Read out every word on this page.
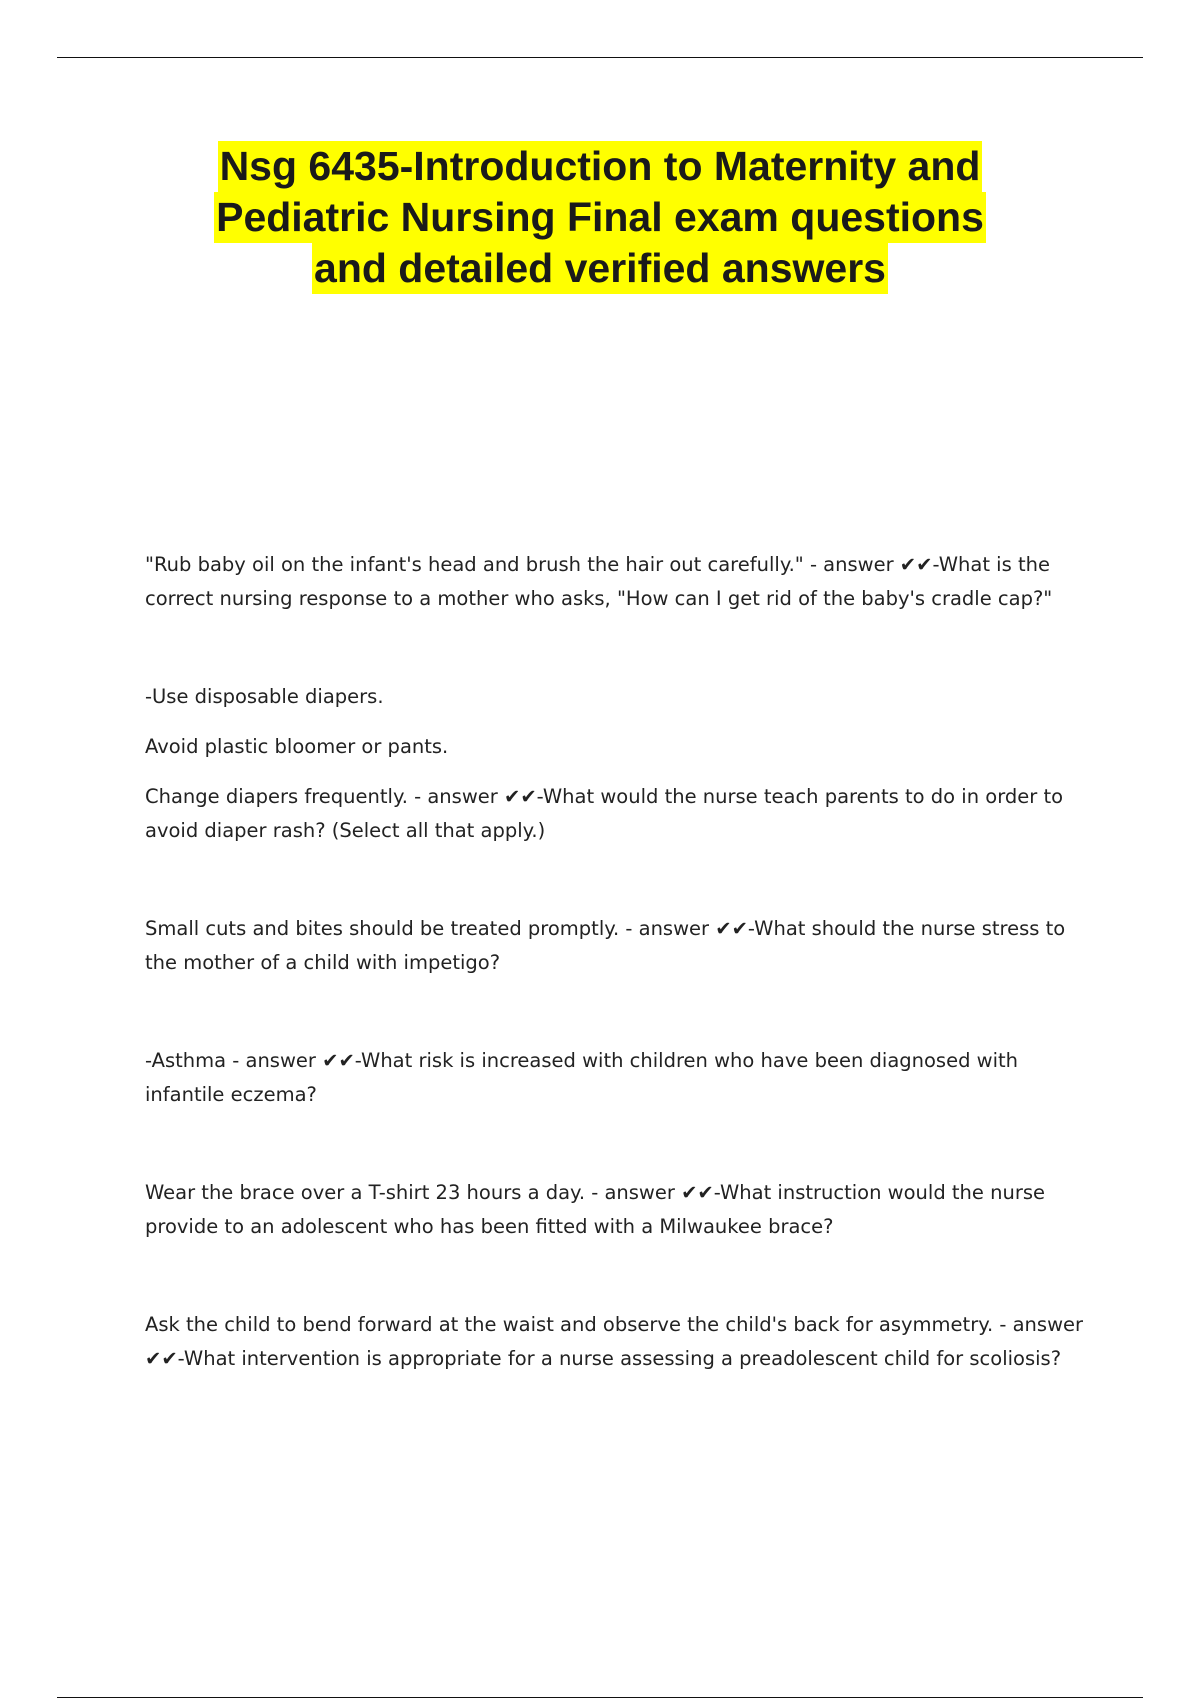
Nsg 6435-Introduction to Maternity and
Pediatric Nursing Final exam questions
and detailed verified answers
"Rub baby oil on the infant's head and brush the hair out carefully." - answer ✔✔-What is the
correct nursing response to a mother who asks, "How can I get rid of the baby's cradle cap?"
-Use disposable diapers.
Avoid plastic bloomer or pants.
Change diapers frequently. - answer ✔✔-What would the nurse teach parents to do in order to
avoid diaper rash? (Select all that apply.)
Small cuts and bites should be treated promptly. - answer ✔✔-What should the nurse stress to
the mother of a child with impetigo?
-Asthma - answer ✔✔-What risk is increased with children who have been diagnosed with
infantile eczema?
Wear the brace over a T-shirt 23 hours a day. - answer ✔✔-What instruction would the nurse
provide to an adolescent who has been fitted with a Milwaukee brace?
Ask the child to bend forward at the waist and observe the child's back for asymmetry. - answer
✔✔-What intervention is appropriate for a nurse assessing a preadolescent child for scoliosis?
